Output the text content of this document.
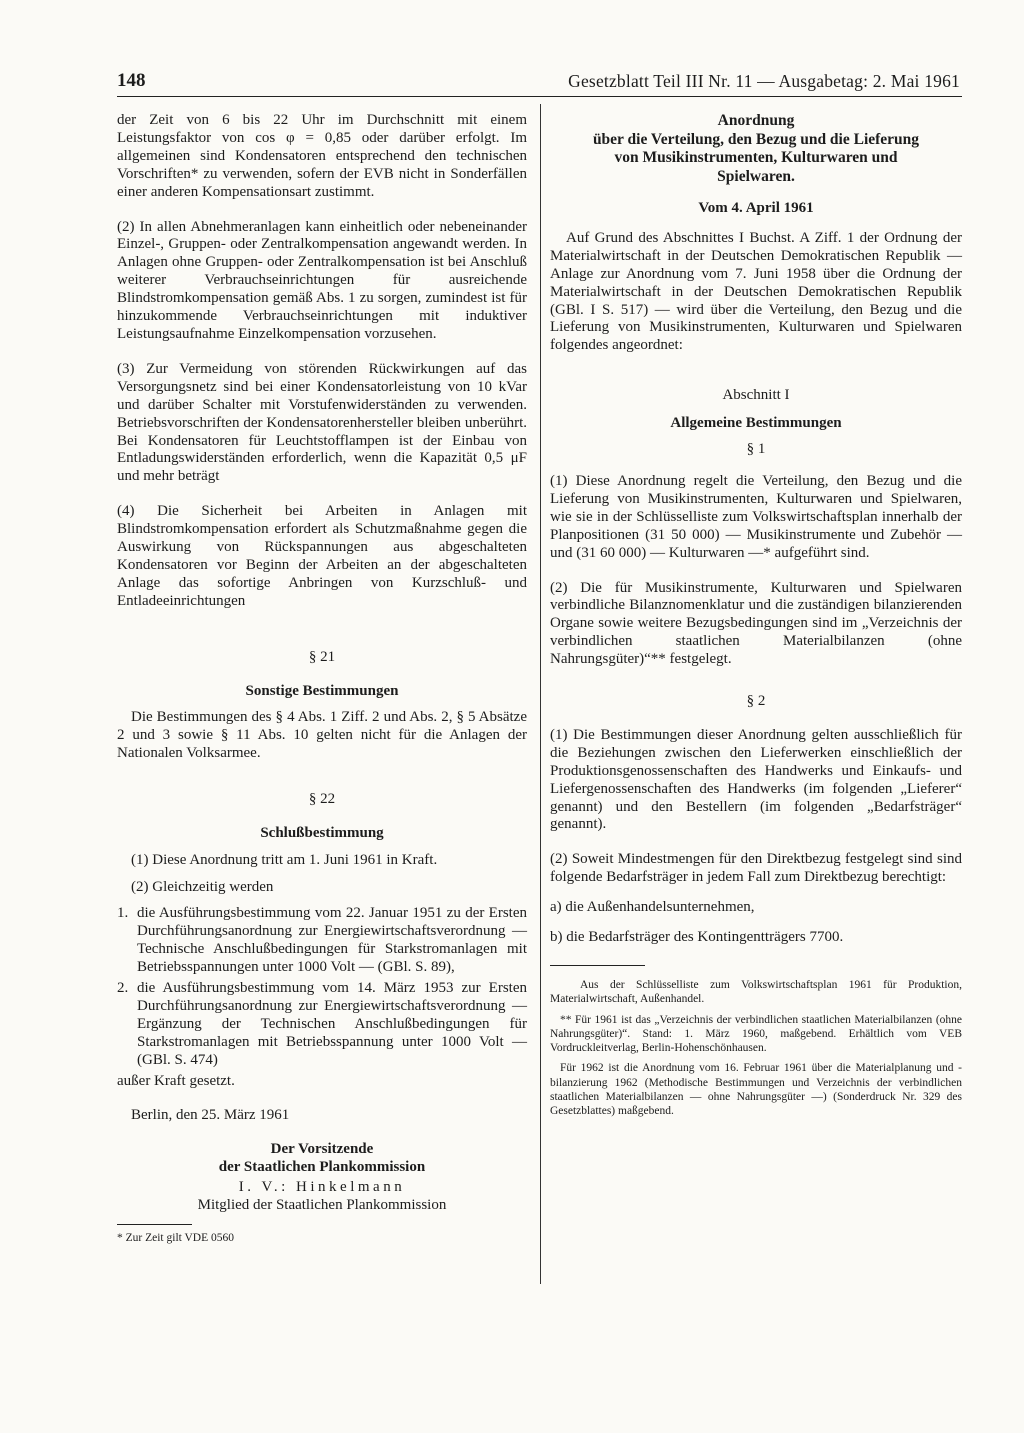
148	Gesetzblatt Teil III Nr. 11 — Ausgabetag: 2. Mai 1961

der Zeit von 6 bis 22 Uhr im Durchschnitt mit einem Leistungsfaktor von cos φ = 0,85 oder darüber erfolgt. Im allgemeinen sind Kondensatoren entsprechend den technischen Vorschriften* zu verwenden, sofern der EVB nicht in Sonderfällen einer anderen Kompensationsart zustimmt.

(2) In allen Abnehmeranlagen kann einheitlich oder nebeneinander Einzel-, Gruppen- oder Zentralkompensation angewandt werden. In Anlagen ohne Gruppen- oder Zentralkompensation ist bei Anschluß weiterer Verbrauchseinrichtungen für ausreichende Blindstromkompensation gemäß Abs. 1 zu sorgen, zumindest ist für hinzukommende Verbrauchseinrichtungen mit induktiver Leistungsaufnahme Einzelkompensation vorzusehen.

(3) Zur Vermeidung von störenden Rückwirkungen auf das Versorgungsnetz sind bei einer Kondensatorleistung von 10 kVar und darüber Schalter mit Vorstufenwiderständen zu verwenden. Betriebsvorschriften der Kondensatorenhersteller bleiben unberührt. Bei Kondensatoren für Leuchtstofflampen ist der Einbau von Entladungswiderständen erforderlich, wenn die Kapazität 0,5 μF und mehr beträgt

(4) Die Sicherheit bei Arbeiten in Anlagen mit Blindstromkompensation erfordert als Schutzmaßnahme gegen die Auswirkung von Rückspannungen aus abgeschalteten Kondensatoren vor Beginn der Arbeiten an der abgeschalteten Anlage das sofortige Anbringen von Kurzschluß- und Entladeeinrichtungen

§ 21

Sonstige Bestimmungen

Die Bestimmungen des § 4 Abs. 1 Ziff. 2 und Abs. 2, § 5 Absätze 2 und 3 sowie § 11 Abs. 10 gelten nicht für die Anlagen der Nationalen Volksarmee.

§ 22

Schlußbestimmung

(1) Diese Anordnung tritt am 1. Juni 1961 in Kraft.

(2) Gleichzeitig werden

1. die Ausführungsbestimmung vom 22. Januar 1951 zu der Ersten Durchführungsanordnung zur Energiewirtschaftsverordnung — Technische Anschlußbedingungen für Starkstromanlagen mit Betriebsspannungen unter 1000 Volt — (GBl. S. 89),
2. die Ausführungsbestimmung vom 14. März 1953 zur Ersten Durchführungsanordnung zur Energiewirtschaftsverordnung — Ergänzung der Technischen Anschlußbedingungen für Starkstromanlagen mit Betriebsspannung unter 1000 Volt — (GBl. S. 474)

außer Kraft gesetzt.

Berlin, den 25. März 1961

Der Vorsitzende

der Staatlichen Plankommission

I. V.: Hinkelmann

Mitglied der Staatlichen Plankommission

* Zur Zeit gilt VDE 0560

Anordnung

über die Verteilung, den Bezug und die Lieferung

von Musikinstrumenten, Kulturwaren und

Spielwaren.

Vom 4. April 1961

Auf Grund des Abschnittes I Buchst. A Ziff. 1 der Ordnung der Materialwirtschaft in der Deutschen Demokratischen Republik — Anlage zur Anordnung vom 7. Juni 1958 über die Ordnung der Materialwirtschaft in der Deutschen Demokratischen Republik (GBl. I S. 517) — wird über die Verteilung, den Bezug und die Lieferung von Musikinstrumenten, Kulturwaren und Spielwaren folgendes angeordnet:

Abschnitt I

Allgemeine Bestimmungen

§ 1

(1) Diese Anordnung regelt die Verteilung, den Bezug und die Lieferung von Musikinstrumenten, Kulturwaren und Spielwaren, wie sie in der Schlüsselliste zum Volkswirtschaftsplan innerhalb der Planpositionen (31 50 000) — Musikinstrumente und Zubehör — und (31 60 000) — Kulturwaren —* aufgeführt sind.

(2) Die für Musikinstrumente, Kulturwaren und Spielwaren verbindliche Bilanznomenklatur und die zuständigen bilanzierenden Organe sowie weitere Bezugsbedingungen sind im „Verzeichnis der verbindlichen staatlichen Materialbilanzen (ohne Nahrungsgüter)“** festgelegt.

§ 2

(1) Die Bestimmungen dieser Anordnung gelten ausschließlich für die Beziehungen zwischen den Lieferwerken einschließlich der Produktionsgenossenschaften des Handwerks und Einkaufs- und Liefergenossenschaften des Handwerks (im folgenden „Lieferer“ genannt) und den Bestellern (im folgenden „Bedarfsträger“ genannt).

(2) Soweit Mindestmengen für den Direktbezug festgelegt sind sind folgende Bedarfsträger in jedem Fall zum Direktbezug berechtigt:

a) die Außenhandelsunternehmen,

b) die Bedarfsträger des Kontingentträgers 7700.

Aus der Schlüsselliste zum Volkswirtschaftsplan 1961 für Produktion, Materialwirtschaft, Außenhandel.

** Für 1961 ist das „Verzeichnis der verbindlichen staatlichen Materialbilanzen (ohne Nahrungsgüter)“. Stand: 1. März 1960, maßgebend. Erhältlich vom VEB Vordruckleitverlag, Berlin-Hohenschönhausen.

Für 1962 ist die Anordnung vom 16. Februar 1961 über die Materialplanung und -bilanzierung 1962 (Methodische Bestimmungen und Verzeichnis der verbindlichen staatlichen Materialbilanzen — ohne Nahrungsgüter —) (Sonderdruck Nr. 329 des Gesetzblattes) maßgebend.
